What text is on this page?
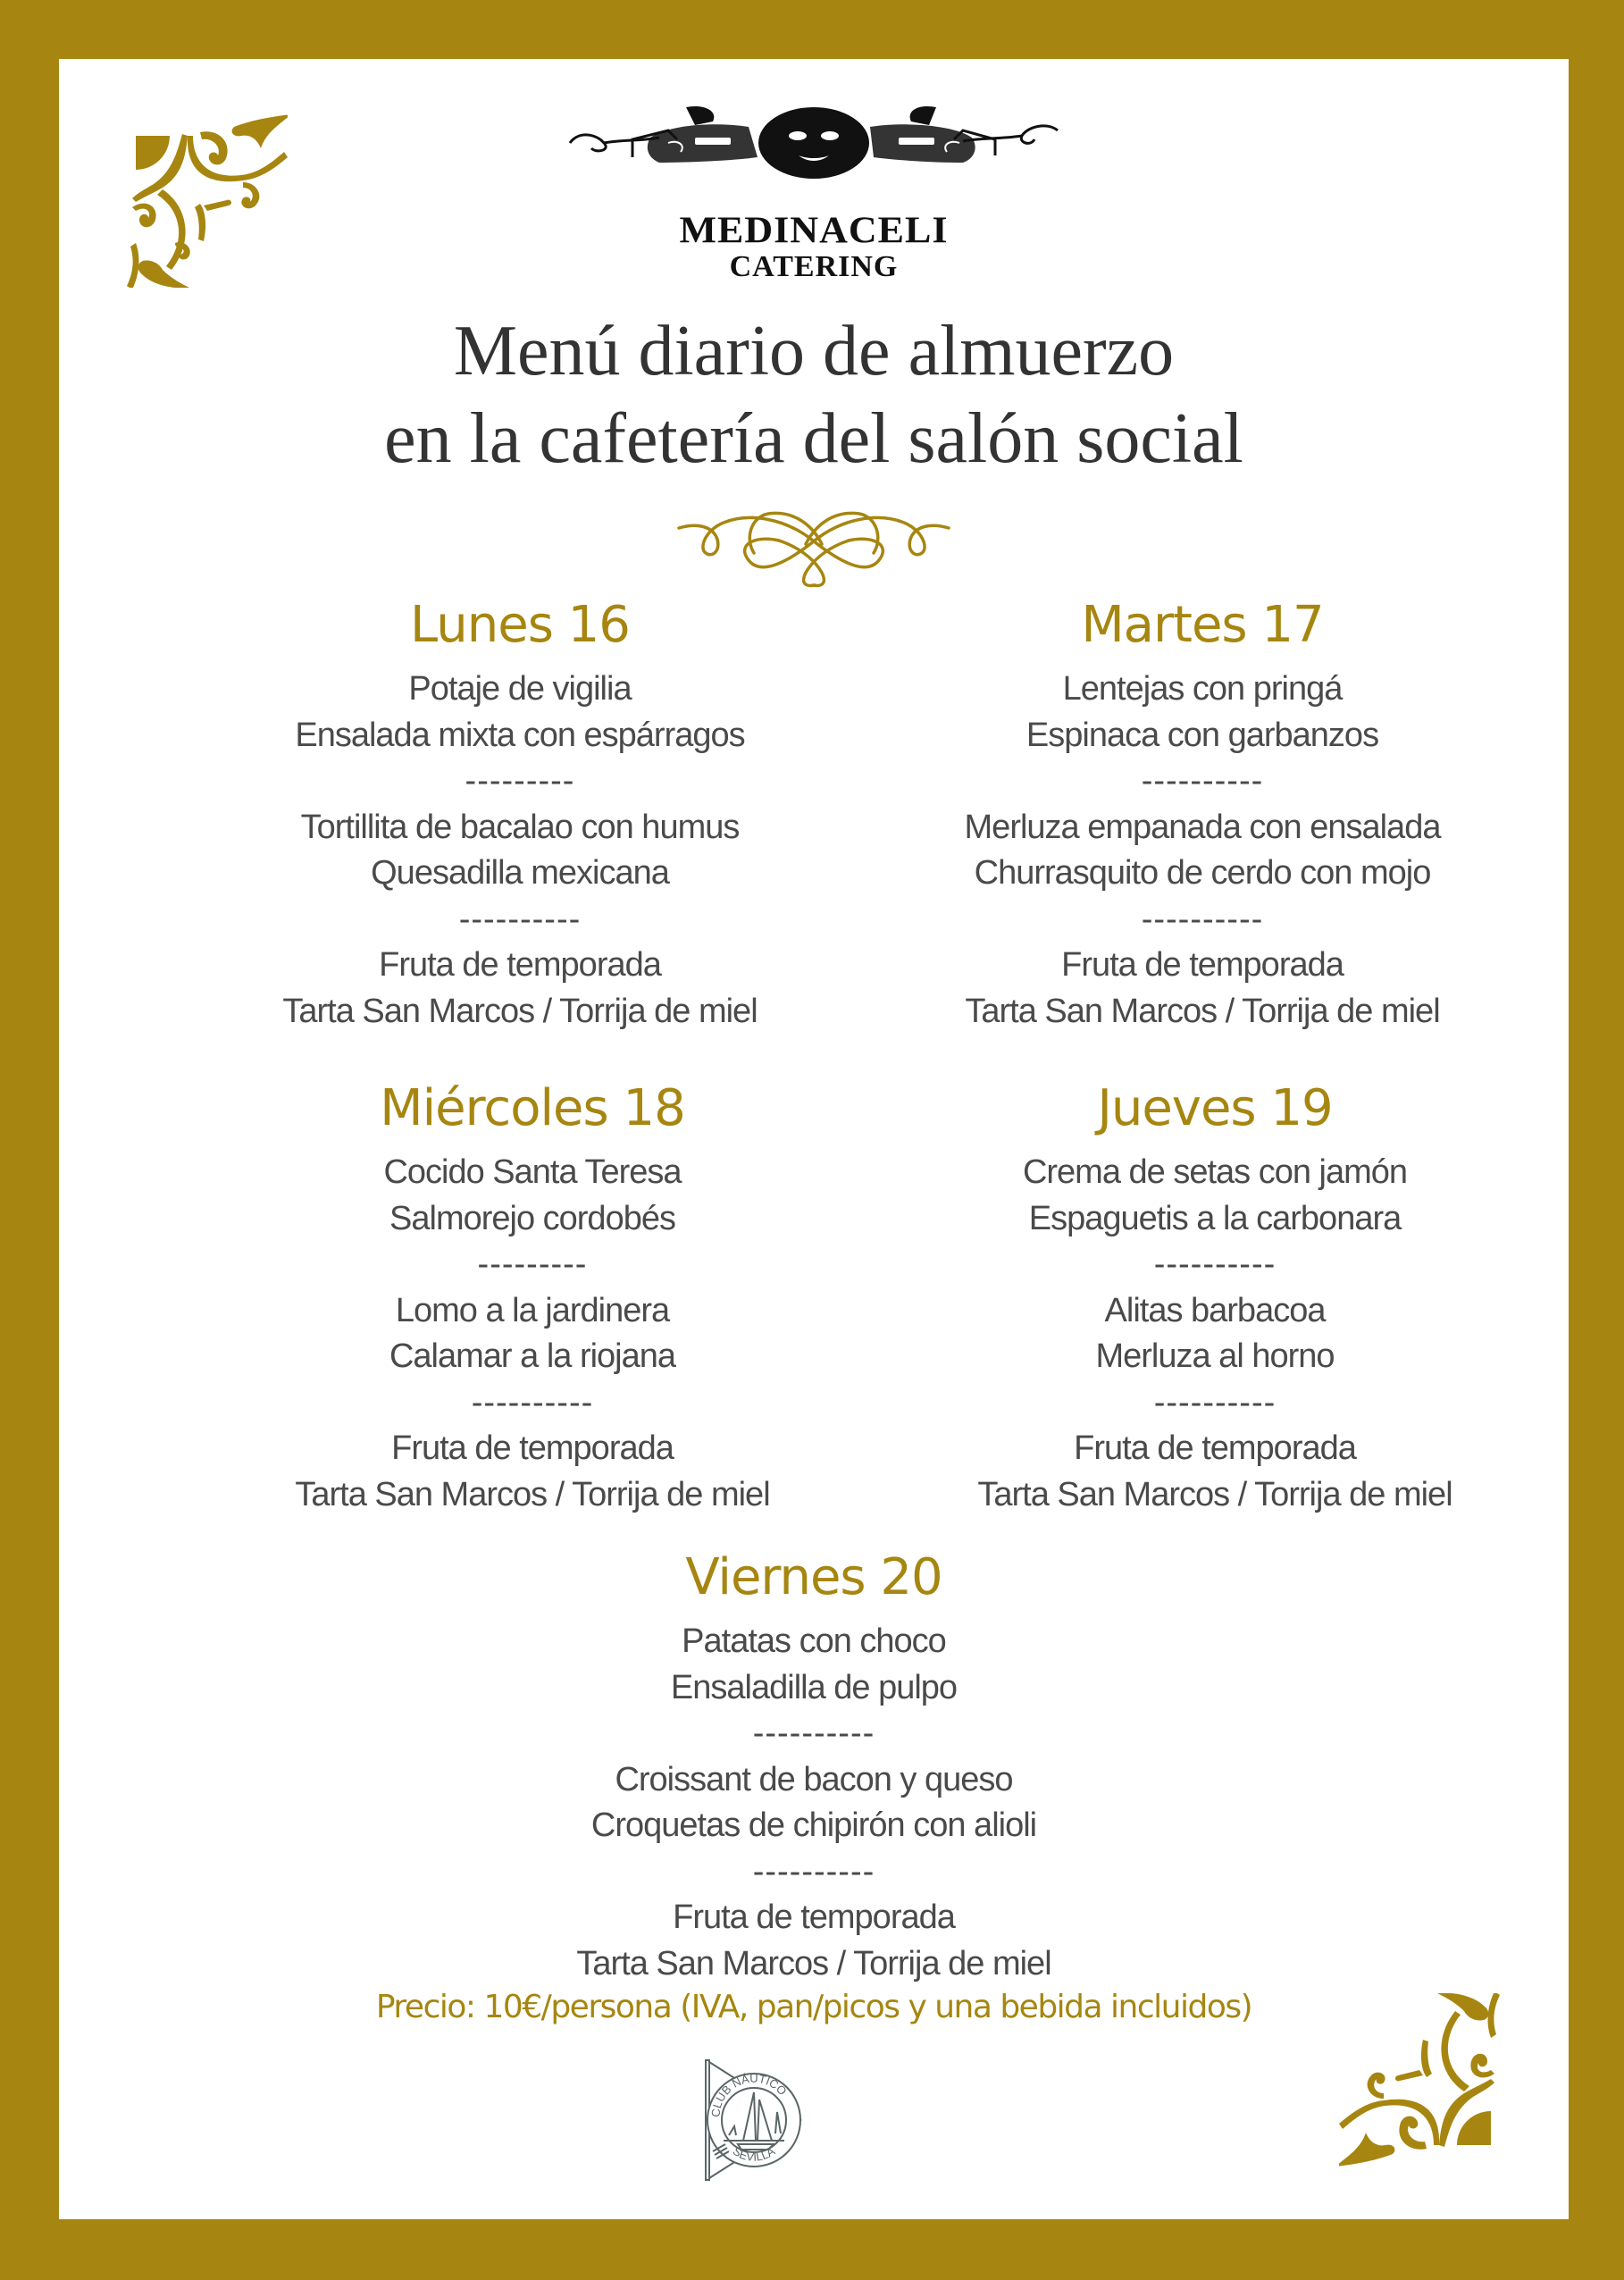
MEDINACELI
CATERING
Menú diario de almuerzo
en la cafetería del salón social
Lunes 16
Potaje de vigilia
Ensalada mixta con espárragos
---------
Tortillita de bacalao con humus
Quesadilla mexicana
----------
Fruta de temporada
Tarta San Marcos / Torrija de miel
Martes 17
Lentejas con pringá
Espinaca con garbanzos
----------
Merluza empanada con ensalada
Churrasquito de cerdo con mojo
----------
Fruta de temporada
Tarta San Marcos / Torrija de miel
Miércoles 18
Cocido Santa Teresa
Salmorejo cordobés
---------
Lomo a la jardinera
Calamar a la riojana
----------
Fruta de temporada
Tarta San Marcos / Torrija de miel
Jueves 19
Crema de setas con jamón
Espaguetis a la carbonara
----------
Alitas barbacoa
Merluza al horno
----------
Fruta de temporada
Tarta San Marcos / Torrija de miel
Viernes 20
Patatas con choco
Ensaladilla de pulpo
----------
Croissant de bacon y queso
Croquetas de chipirón con alioli
----------
Fruta de temporada
Tarta San Marcos / Torrija de miel
Precio: 10€/persona (IVA, pan/picos y una bebida incluidos)
CLUB NÁUTICO
SEVILLA
